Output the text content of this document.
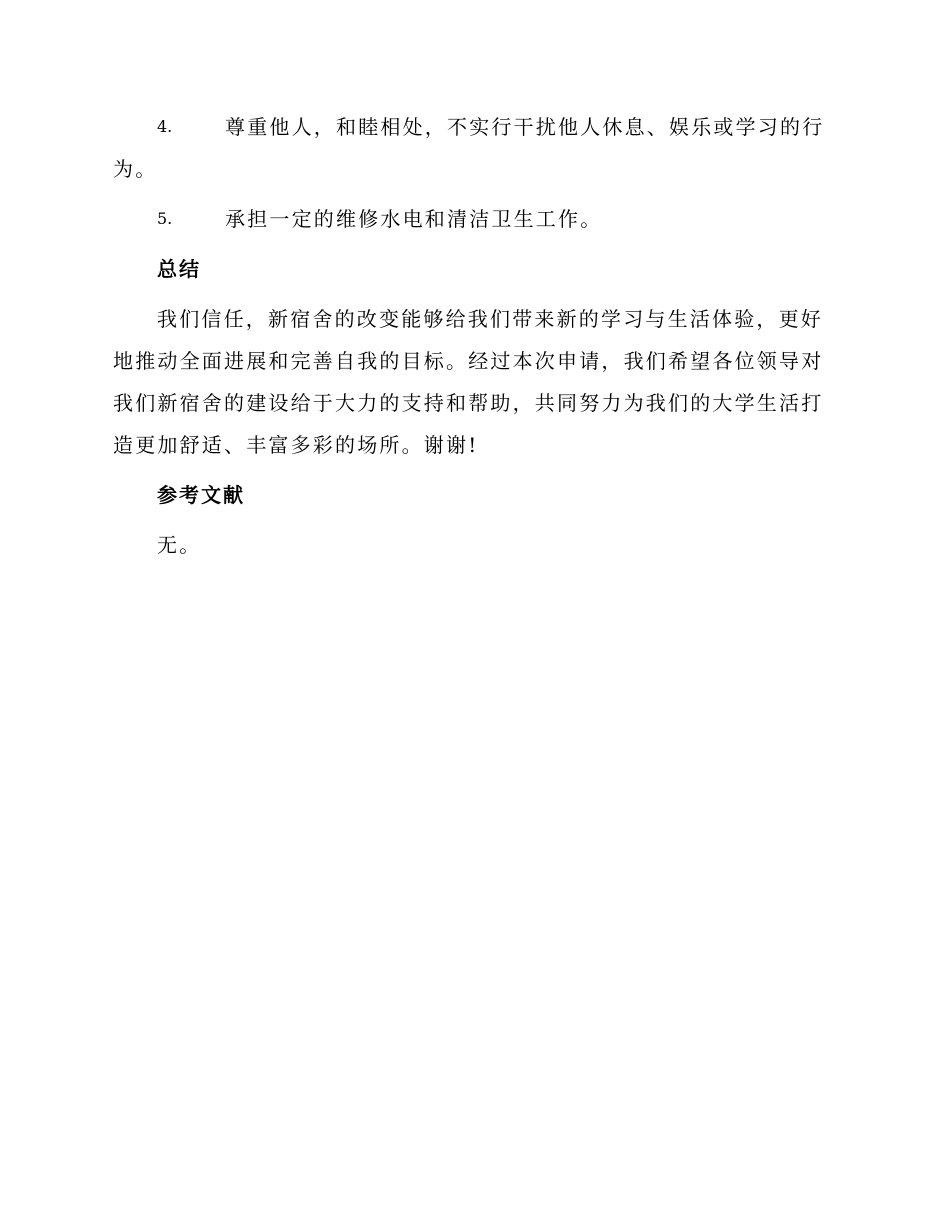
4.	尊重他人，和睦相处，不实行干扰他人休息、娱乐或学习的行为。

5.	承担一定的维修水电和清洁卫生工作。

总结

我们信任，新宿舍的改变能够给我们带来新的学习与生活体验，更好地推动全面进展和完善自我的目标。经过本次申请，我们希望各位领导对我们新宿舍的建设给于大力的支持和帮助，共同努力为我们的大学生活打造更加舒适、丰富多彩的场所。谢谢!

参考文献

无。
